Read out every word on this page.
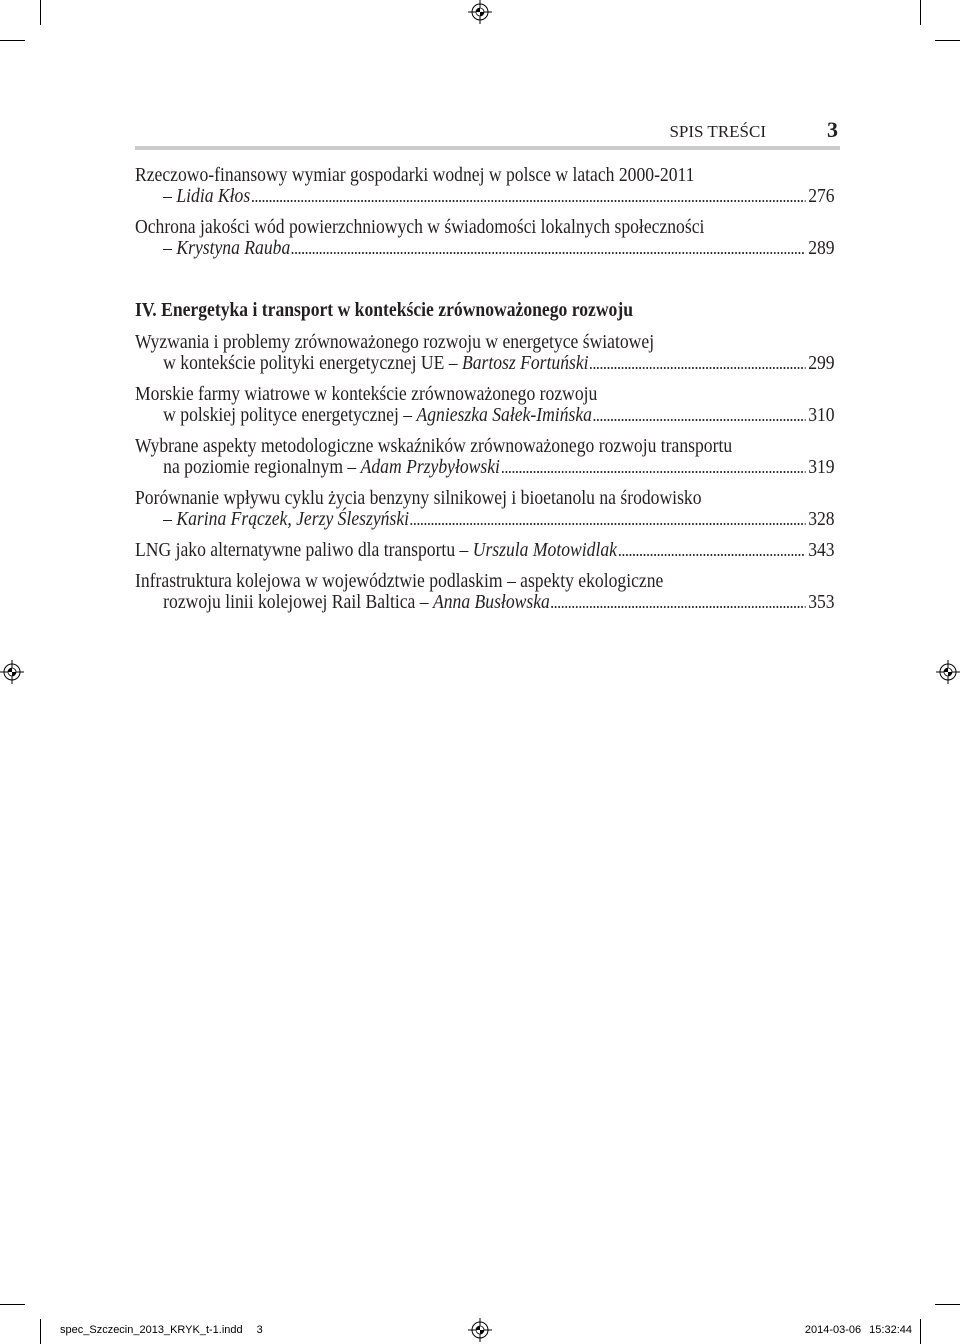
SPIS TREŚCI	3
Rzeczowo-finansowy wymiar gospodarki wodnej w polsce w latach 2000-2011
– Lidia Kłos	276
Ochrona jakości wód powierzchniowych w świadomości lokalnych społeczności
– Krystyna Rauba	289
IV. Energetyka i transport w kontekście zrównoważonego rozwoju
Wyzwania i problemy zrównoważonego rozwoju w energetyce światowej
w kontekście polityki energetycznej UE – Bartosz Fortuński	299
Morskie farmy wiatrowe w kontekście zrównoważonego rozwoju
w polskiej polityce energetycznej – Agnieszka Sałek-Imińska	310
Wybrane aspekty metodologiczne wskaźników zrównoważonego rozwoju transportu
na poziomie regionalnym – Adam Przybyłowski	319
Porównanie wpływu cyklu życia benzyny silnikowej i bioetanolu na środowisko
– Karina Frączek, Jerzy Śleszyński	328
LNG jako alternatywne paliwo dla transportu – Urszula Motowidlak	343
Infrastruktura kolejowa w województwie podlaskim – aspekty ekologiczne
rozwoju linii kolejowej Rail Baltica – Anna Busłowska	353
spec_Szczecin_2013_KRYK_t-1.indd 3	2014-03-06 15:32:44
